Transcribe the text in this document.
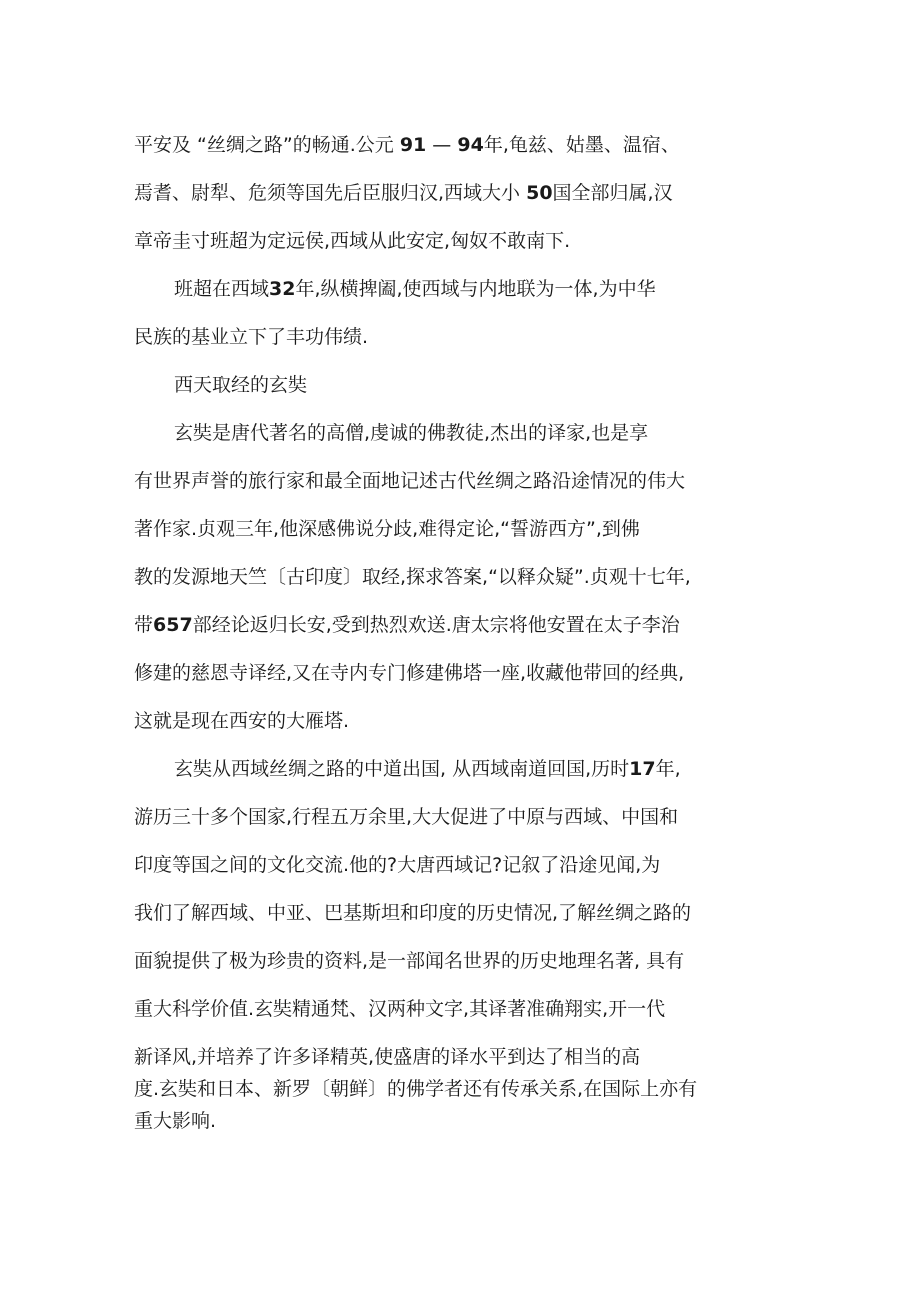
平安及 “丝绸之路”的畅通.公元 91 — 94年,龟兹、姑墨、温宿、

焉耆、尉犁、危须等国先后臣服归汉,西域大小 50国全部归属,汉

章帝圭寸班超为定远侯,西域从此安定,匈奴不敢南下.

班超在西域32年,纵横捭阖,使西域与内地联为一体,为中华

民族的基业立下了丰功伟绩.

西天取经的玄奘

玄奘是唐代著名的高僧,虔诚的佛教徒,杰出的译家,也是享

有世界声誉的旅行家和最全面地记述古代丝绸之路沿途情况的伟大

著作家.贞观三年,他深感佛说分歧,难得定论,“誓游西方”,到佛

教的发源地天竺〔古印度〕取经,探求答案,“以释众疑”.贞观十七年,

带657部经论返归长安,受到热烈欢送.唐太宗将他安置在太子李治

修建的慈恩寺译经,又在寺内专门修建佛塔一座,收藏他带回的经典,

这就是现在西安的大雁塔.

玄奘从西域丝绸之路的中道出国, 从西域南道回国,历时17年,

游历三十多个国家,行程五万余里,大大促进了中原与西域、中国和

印度等国之间的文化交流.他的?大唐西域记?记叙了沿途见闻,为

我们了解西域、中亚、巴基斯坦和印度的历史情况,了解丝绸之路的

面貌提供了极为珍贵的资料,是一部闻名世界的历史地理名著, 具有

重大科学价值.玄奘精通梵、汉两种文字,其译著准确翔实,开一代

新译风,并培养了许多译精英,使盛唐的译水平到达了相当的高

度.玄奘和日本、新罗〔朝鲜〕的佛学者还有传承关系,在国际上亦有

重大影响.
